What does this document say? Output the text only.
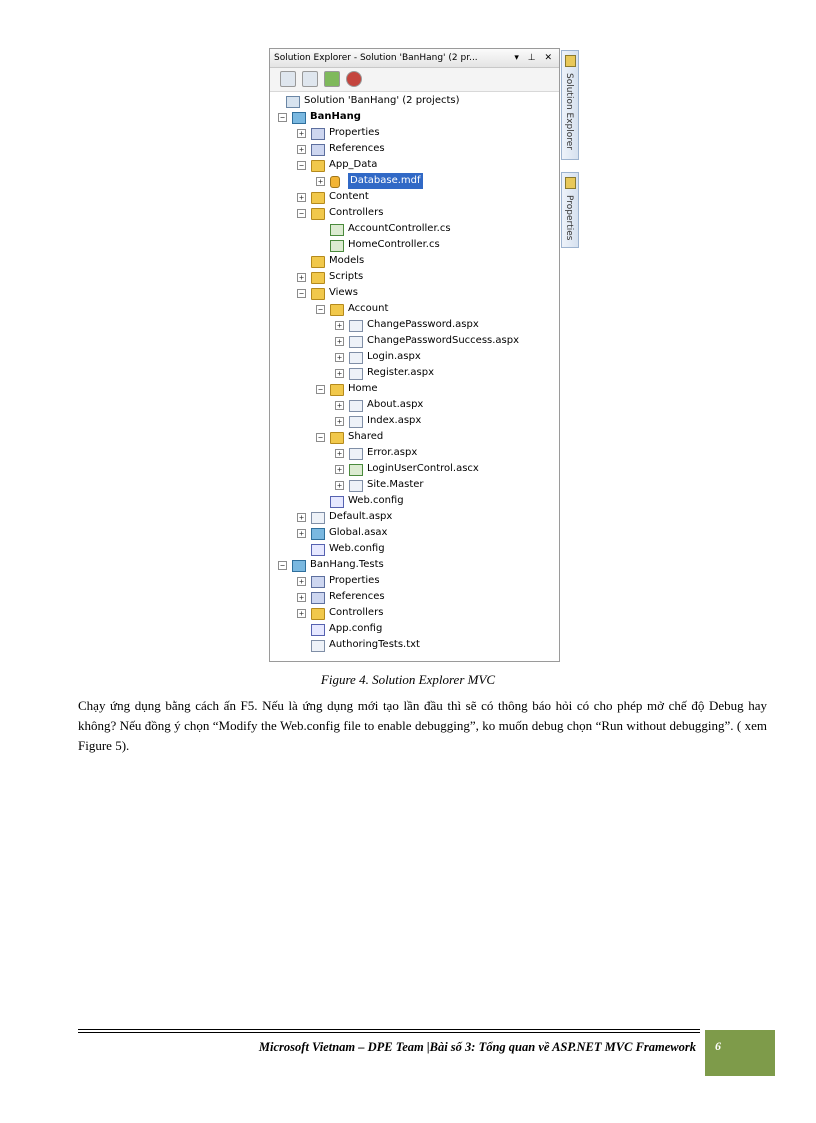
Solution Explorer - Solution 'BanHang' (2 pr...	▾ ⊥ ✕
Solution 'BanHang' (2 projects)
−	BanHang
+	Properties
+	References
−	App_Data
+	Database.mdf
+	Content
−	Controllers
AccountController.cs
HomeController.cs
Models
+	Scripts
−	Views
−	Account
+	ChangePassword.aspx
+	ChangePasswordSuccess.aspx
+	Login.aspx
+	Register.aspx
−	Home
+	About.aspx
+	Index.aspx
−	Shared
+	Error.aspx
+	LoginUserControl.ascx
+	Site.Master
Web.config
+	Default.aspx
+	Global.asax
Web.config
−	BanHang.Tests
+	Properties
+	References
+	Controllers
App.config
AuthoringTests.txt
Solution Explorer
Properties
Figure 4. Solution Explorer MVC
Chạy ứng dụng bằng cách ấn F5. Nếu là ứng dụng mới tạo lần đầu thì sẽ có thông báo hỏi có cho phép mở chế độ Debug hay không? Nếu đồng ý chọn “Modify the Web.config file to enable debugging”, ko muốn debug chọn “Run without debugging”. ( xem Figure 5).
Microsoft Vietnam – DPE Team |Bài số 3: Tổng quan về ASP.NET MVC Framework 6
